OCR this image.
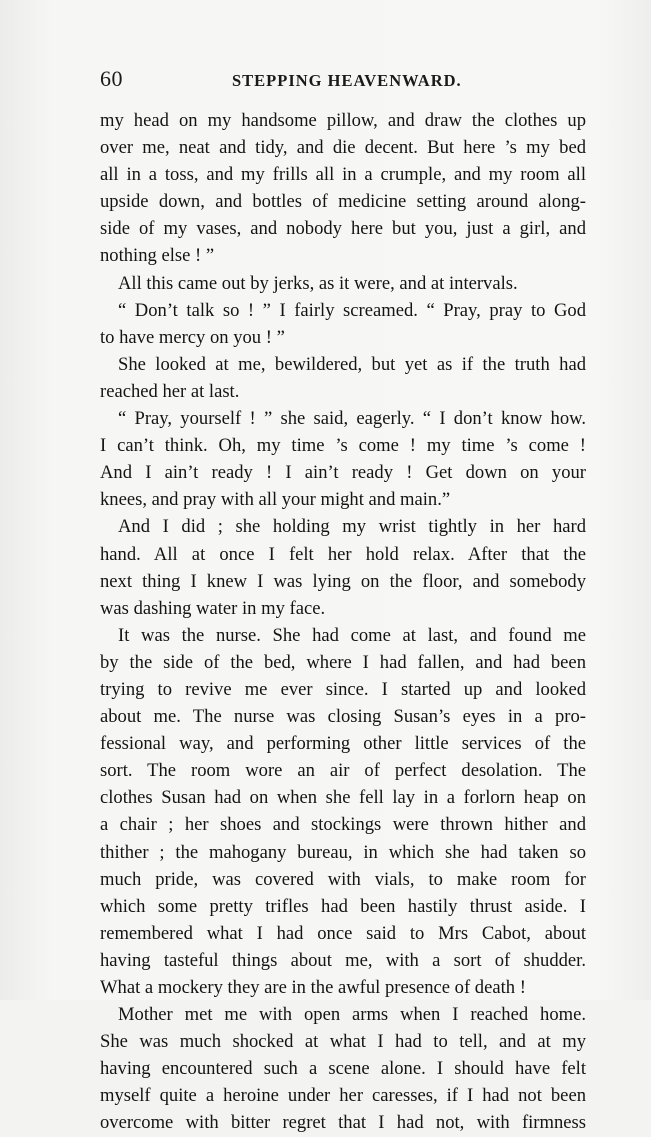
60	STEPPING HEAVENWARD.
my head on my handsome pillow, and draw the clothes up
over me, neat and tidy, and die decent. But here ’s my bed
all in a toss, and my frills all in a crumple, and my room all
upside down, and bottles of medicine setting around along-
side of my vases, and nobody here but you, just a girl, and
nothing else ! ”
All this came out by jerks, as it were, and at intervals.
“ Don’t talk so ! ” I fairly screamed. “ Pray, pray to God
to have mercy on you ! ”
She looked at me, bewildered, but yet as if the truth had
reached her at last.
“ Pray, yourself ! ” she said, eagerly. “ I don’t know how.
I can’t think. Oh, my time ’s come ! my time ’s come !
And I ain’t ready ! I ain’t ready ! Get down on your
knees, and pray with all your might and main.”
And I did ; she holding my wrist tightly in her hard
hand. All at once I felt her hold relax. After that the
next thing I knew I was lying on the floor, and somebody
was dashing water in my face.
It was the nurse. She had come at last, and found me
by the side of the bed, where I had fallen, and had been
trying to revive me ever since. I started up and looked
about me. The nurse was closing Susan’s eyes in a pro-
fessional way, and performing other little services of the
sort. The room wore an air of perfect desolation. The
clothes Susan had on when she fell lay in a forlorn heap on
a chair ; her shoes and stockings were thrown hither and
thither ; the mahogany bureau, in which she had taken so
much pride, was covered with vials, to make room for
which some pretty trifles had been hastily thrust aside. I
remembered what I had once said to Mrs Cabot, about
having tasteful things about me, with a sort of shudder.
What a mockery they are in the awful presence of death !
Mother met me with open arms when I reached home.
She was much shocked at what I had to tell, and at my
having encountered such a scene alone. I should have felt
myself quite a heroine under her caresses, if I had not been
overcome with bitter regret that I had not, with firmness
